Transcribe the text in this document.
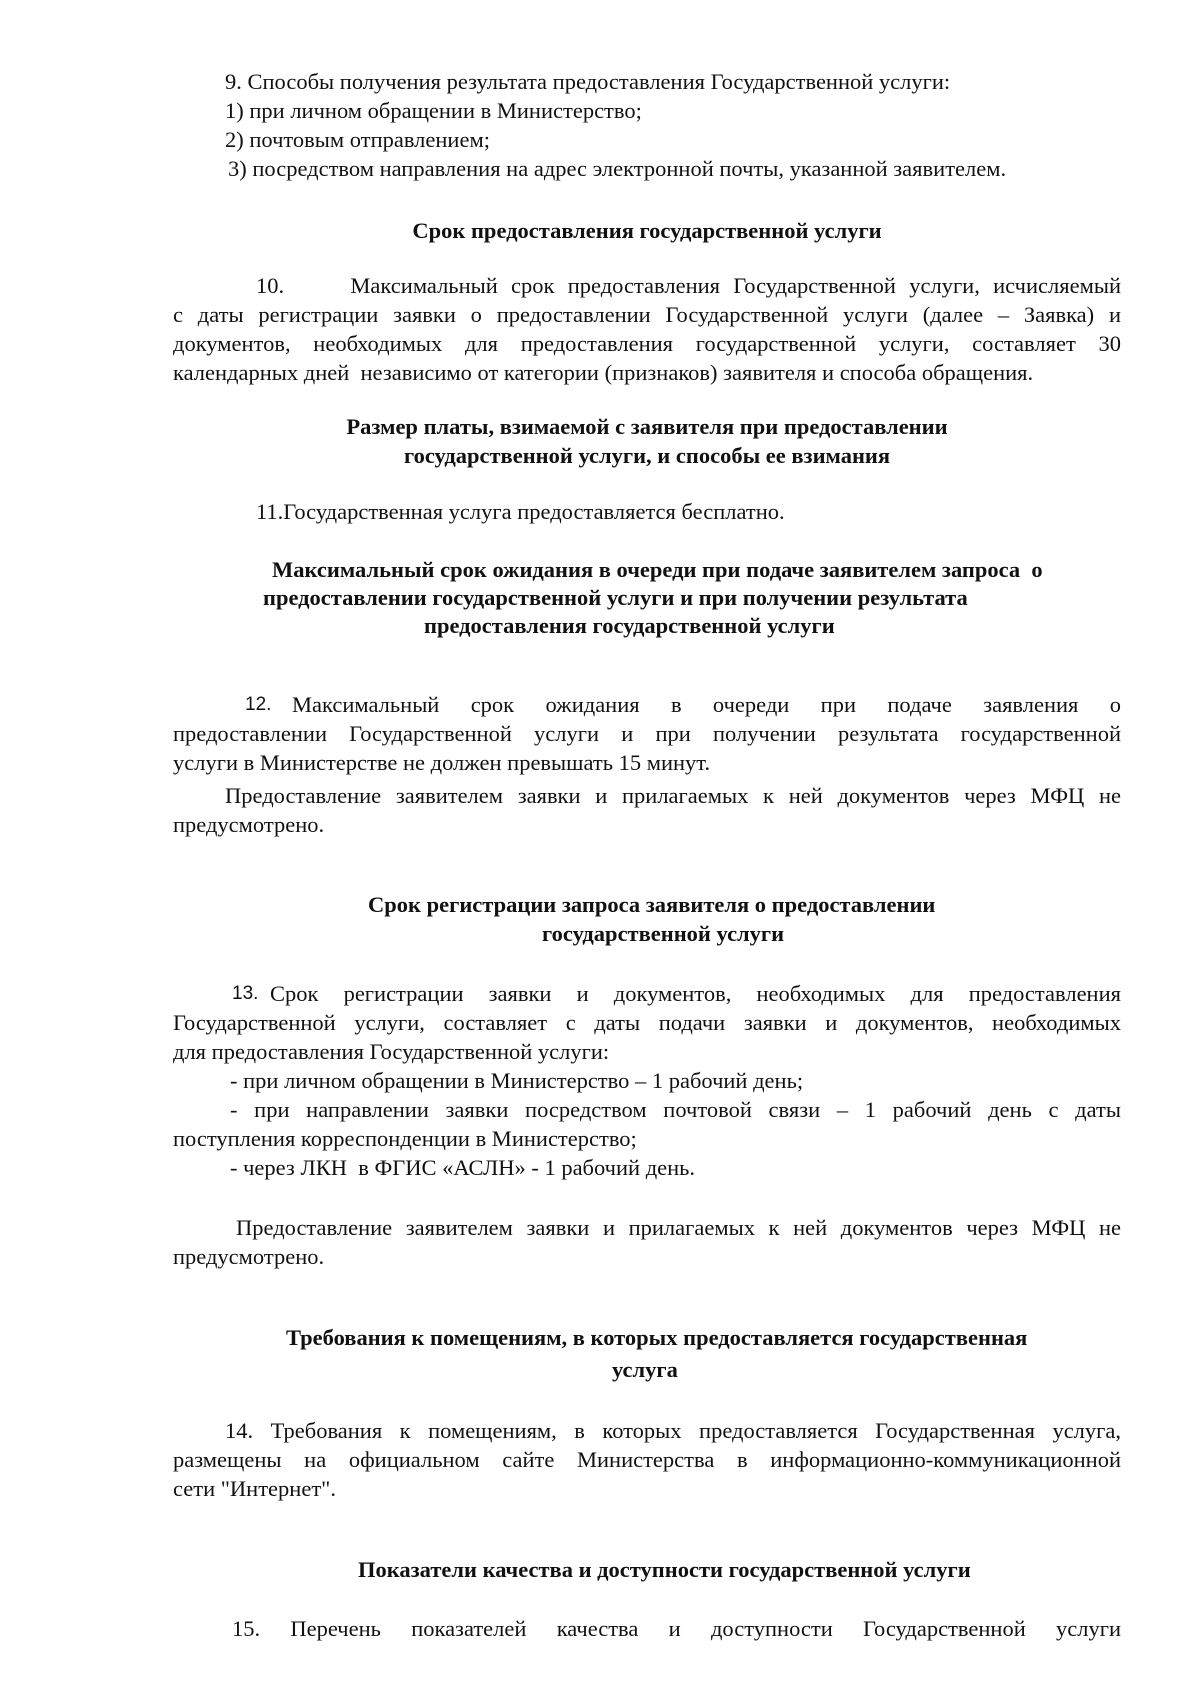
9. Способы получения результата предоставления Государственной услуги:
1) при личном обращении в Министерство;
2) почтовым отправлением;
3) посредством направления на адрес электронной почты, указанной заявителем.
Срок предоставления государственной услуги
10.     Максимальный срок предоставления Государственной услуги, исчисляемый
с даты регистрации заявки о предоставлении Государственной услуги (далее – Заявка) и
документов, необходимых для предоставления государственной услуги, составляет 30
календарных дней  независимо от категории (признаков) заявителя и способа обращения.
Размер платы, взимаемой с заявителя при предоставлении
государственной услуги, и способы ее взимания
11.Государственная услуга предоставляется бесплатно.
Максимальный срок ожидания в очереди при подаче заявителем запроса  о
предоставлении государственной услуги и при получении результата
предоставления государственной услуги
12. Максимальный срок ожидания в очереди при подаче заявления о
предоставлении Государственной услуги и при получении результата государственной
услуги в Министерстве не должен превышать 15 минут.
Предоставление заявителем заявки и прилагаемых к ней документов через МФЦ не
предусмотрено.
Срок регистрации запроса заявителя о предоставлении
государственной услуги
13. Срок регистрации заявки и документов, необходимых для предоставления
Государственной услуги, составляет с даты подачи заявки и документов, необходимых
для предоставления Государственной услуги:
- при личном обращении в Министерство – 1 рабочий день;
- при направлении заявки посредством почтовой связи – 1 рабочий день с даты
поступления корреспонденции в Министерство;
- через ЛКН  в ФГИС «АСЛН» - 1 рабочий день.
Предоставление заявителем заявки и прилагаемых к ней документов через МФЦ не
предусмотрено.
Требования к помещениям, в которых предоставляется государственная
услуга
14. Требования к помещениям, в которых предоставляется Государственная услуга,
размещены на официальном сайте Министерства в информационно-коммуникационной
сети "Интернет".
Показатели качества и доступности государственной услуги
15. Перечень показателей качества и доступности Государственной услуги
